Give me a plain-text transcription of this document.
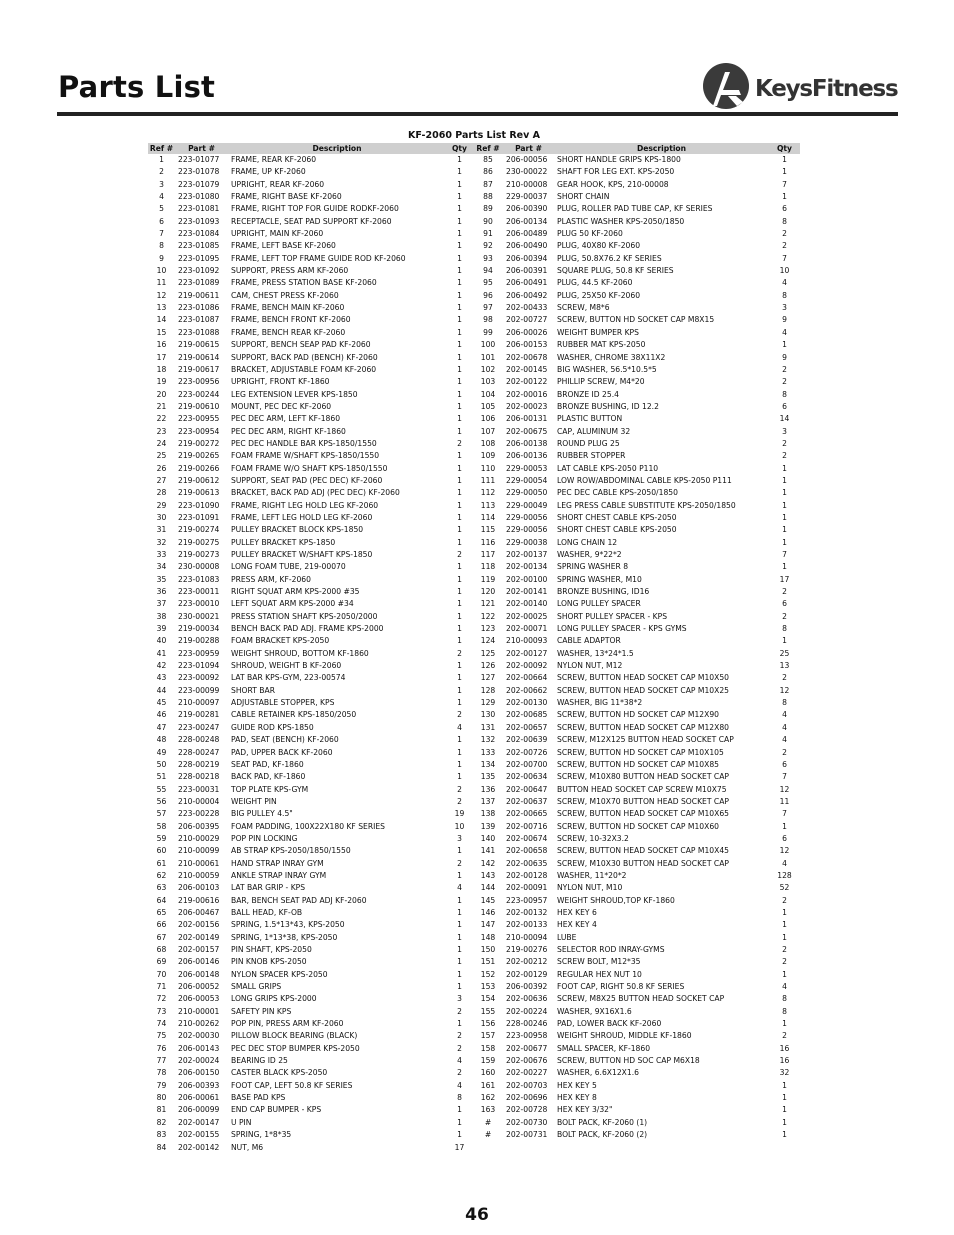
Parts List	KeysFitness
KF-2060 Parts List Rev A
Ref #	Part #	Description	Qty
1	223-01077	FRAME, REAR KF-2060	1
2	223-01078	FRAME, UP KF-2060	1
3	223-01079	UPRIGHT, REAR KF-2060	1
4	223-01080	FRAME, RIGHT BASE KF-2060	1
5	223-01081	FRAME, RIGHT TOP FOR GUIDE RODKF-2060	1
6	223-01093	RECEPTACLE, SEAT PAD SUPPORT KF-2060	1
7	223-01084	UPRIGHT, MAIN KF-2060	1
8	223-01085	FRAME, LEFT BASE KF-2060	1
9	223-01095	FRAME, LEFT TOP FRAME GUIDE ROD KF-2060	1
10	223-01092	SUPPORT, PRESS ARM KF-2060	1
11	223-01089	FRAME, PRESS STATION BASE KF-2060	1
12	219-00611	CAM, CHEST PRESS KF-2060	1
13	223-01086	FRAME, BENCH MAIN KF-2060	1
14	223-01087	FRAME, BENCH FRONT KF-2060	1
15	223-01088	FRAME, BENCH REAR KF-2060	1
16	219-00615	SUPPORT, BENCH SEAP PAD KF-2060	1
17	219-00614	SUPPORT, BACK PAD (BENCH) KF-2060	1
18	219-00617	BRACKET, ADJUSTABLE FOAM KF-2060	1
19	223-00956	UPRIGHT, FRONT KF-1860	1
20	223-00244	LEG EXTENSION LEVER KPS-1850	1
21	219-00610	MOUNT, PEC DEC KF-2060	1
22	223-00955	PEC DEC ARM, LEFT KF-1860	1
23	223-00954	PEC DEC ARM, RIGHT KF-1860	1
24	219-00272	PEC DEC HANDLE BAR KPS-1850/1550	2
25	219-00265	FOAM FRAME W/SHAFT KPS-1850/1550	1
26	219-00266	FOAM FRAME W/O SHAFT KPS-1850/1550	1
27	219-00612	SUPPORT, SEAT PAD (PEC DEC) KF-2060	1
28	219-00613	BRACKET, BACK PAD ADJ (PEC DEC) KF-2060	1
29	223-01090	FRAME, RIGHT LEG HOLD LEG KF-2060	1
30	223-01091	FRAME, LEFT LEG HOLD LEG KF-2060	1
31	219-00274	PULLEY BRACKET BLOCK KPS-1850	1
32	219-00275	PULLEY BRACKET KPS-1850	1
33	219-00273	PULLEY BRACKET W/SHAFT KPS-1850	2
34	230-00008	LONG FOAM TUBE, 219-00070	1
35	223-01083	PRESS ARM, KF-2060	1
36	223-00011	RIGHT SQUAT ARM KPS-2000 #35	1
37	223-00010	LEFT SQUAT ARM KPS-2000 #34	1
38	230-00021	PRESS STATION SHAFT KPS-2050/2000	1
39	219-00034	BENCH BACK PAD ADJ. FRAME KPS-2000	1
40	219-00288	FOAM BRACKET KPS-2050	1
41	223-00959	WEIGHT SHROUD, BOTTOM KF-1860	2
42	223-01094	SHROUD, WEIGHT B KF-2060	1
43	223-00092	LAT BAR KPS-GYM, 223-00574	1
44	223-00099	SHORT BAR	1
45	210-00097	ADJUSTABLE STOPPER, KPS	1
46	219-00281	CABLE RETAINER KPS-1850/2050	2
47	223-00247	GUIDE ROD KPS-1850	4
48	228-00248	PAD, SEAT (BENCH) KF-2060	1
49	228-00247	PAD, UPPER BACK KF-2060	1
50	228-00219	SEAT PAD, KF-1860	1
51	228-00218	BACK PAD, KF-1860	1
55	223-00031	TOP PLATE KPS-GYM	2
56	210-00004	WEIGHT PIN	2
57	223-00228	BIG PULLEY 4.5"	19
58	206-00395	FOAM PADDING, 100X22X180 KF SERIES	10
59	210-00029	POP PIN LOCKING	3
60	210-00099	AB STRAP KPS-2050/1850/1550	1
61	210-00061	HAND STRAP INRAY GYM	2
62	210-00059	ANKLE STRAP INRAY GYM	1
63	206-00103	LAT BAR GRIP - KPS	4
64	219-00616	BAR, BENCH SEAT PAD ADJ KF-2060	1
65	206-00467	BALL HEAD, KF-OB	1
66	202-00156	SPRING, 1.5*13*43, KPS-2050	1
67	202-00149	SPRING, 1*13*38, KPS-2050	1
68	202-00157	PIN SHAFT, KPS-2050	1
69	206-00146	PIN KNOB KPS-2050	1
70	206-00148	NYLON SPACER KPS-2050	1
71	206-00052	SMALL GRIPS	1
72	206-00053	LONG GRIPS KPS-2000	3
73	210-00001	SAFETY PIN KPS	2
74	210-00262	POP PIN, PRESS ARM KF-2060	1
75	202-00030	PILLOW BLOCK BEARING (BLACK)	2
76	206-00143	PEC DEC STOP BUMPER KPS-2050	2
77	202-00024	BEARING ID 25	4
78	206-00150	CASTER BLACK KPS-2050	2
79	206-00393	FOOT CAP, LEFT 50.8 KF SERIES	4
80	206-00061	BASE PAD KPS	8
81	206-00099	END CAP BUMPER - KPS	1
82	202-00147	U PIN	1
83	202-00155	SPRING, 1*8*35	1
84	202-00142	NUT, M6	17
Ref #	Part #	Description	Qty
85	206-00056	SHORT HANDLE GRIPS KPS-1800	1
86	230-00022	SHAFT FOR LEG EXT. KPS-2050	1
87	210-00008	GEAR HOOK, KPS, 210-00008	7
88	229-00037	SHORT CHAIN	1
89	206-00390	PLUG, ROLLER PAD TUBE CAP, KF SERIES	6
90	206-00134	PLASTIC WASHER KPS-2050/1850	8
91	206-00489	PLUG 50 KF-2060	2
92	206-00490	PLUG, 40X80 KF-2060	2
93	206-00394	PLUG, 50.8X76.2 KF SERIES	7
94	206-00391	SQUARE PLUG, 50.8 KF SERIES	10
95	206-00491	PLUG, 44.5 KF-2060	4
96	206-00492	PLUG, 25X50 KF-2060	8
97	202-00433	SCREW, M8*6	3
98	202-00727	SCREW, BUTTON HD SOCKET CAP M8X15	9
99	206-00026	WEIGHT BUMPER KPS	4
100	206-00153	RUBBER MAT KPS-2050	1
101	202-00678	WASHER, CHROME 38X11X2	9
102	202-00145	BIG WASHER, 56.5*10.5*5	2
103	202-00122	PHILLIP SCREW, M4*20	2
104	202-00016	BRONZE ID 25.4	8
105	202-00023	BRONZE BUSHING, ID 12.2	6
106	206-00131	PLASTIC BUTTON	14
107	202-00675	CAP, ALUMINUM 32	3
108	206-00138	ROUND PLUG 25	2
109	206-00136	RUBBER STOPPER	2
110	229-00053	LAT CABLE KPS-2050 P110	1
111	229-00054	LOW ROW/ABDOMINAL CABLE KPS-2050 P111	1
112	229-00050	PEC DEC CABLE KPS-2050/1850	1
113	229-00049	LEG PRESS CABLE SUBSTITUTE KPS-2050/1850	1
114	229-00056	SHORT CHEST CABLE KPS-2050	1
115	229-00056	SHORT CHEST CABLE KPS-2050	1
116	229-00038	LONG CHAIN 12	1
117	202-00137	WASHER, 9*22*2	7
118	202-00134	SPRING WASHER 8	1
119	202-00100	SPRING WASHER, M10	17
120	202-00141	BRONZE BUSHING, ID16	2
121	202-00140	LONG PULLEY SPACER	6
122	202-00025	SHORT PULLEY SPACER - KPS	2
123	202-00071	LONG PULLEY SPACER - KPS GYMS	8
124	210-00093	CABLE ADAPTOR	1
125	202-00127	WASHER, 13*24*1.5	25
126	202-00092	NYLON NUT, M12	13
127	202-00664	SCREW, BUTTON HEAD SOCKET CAP M10X50	2
128	202-00662	SCREW, BUTTON HEAD SOCKET CAP M10X25	12
129	202-00130	WASHER, BIG 11*38*2	8
130	202-00685	SCREW, BUTTON HD SOCKET CAP M12X90	4
131	202-00657	SCREW, BUTTON HEAD SOCKET CAP M12X80	4
132	202-00639	SCREW, M12X125 BUTTON HEAD SOCKET CAP	4
133	202-00726	SCREW, BUTTON HD SOCKET CAP M10X105	2
134	202-00700	SCREW, BUTTON HD SOCKET CAP M10X85	6
135	202-00634	SCREW, M10X80 BUTTON HEAD SOCKET CAP	7
136	202-00647	BUTTON HEAD SOCKET CAP SCREW M10X75	12
137	202-00637	SCREW, M10X70 BUTTON HEAD SOCKET CAP	11
138	202-00665	SCREW, BUTTON HEAD SOCKET CAP M10X65	7
139	202-00716	SCREW, BUTTON HD SOCKET CAP M10X60	1
140	202-00674	SCREW, 10-32X3.2	6
141	202-00658	SCREW, BUTTON HEAD SOCKET CAP M10X45	12
142	202-00635	SCREW, M10X30 BUTTON HEAD SOCKET CAP	4
143	202-00128	WASHER, 11*20*2	128
144	202-00091	NYLON NUT, M10	52
145	223-00957	WEIGHT SHROUD,TOP KF-1860	2
146	202-00132	HEX KEY 6	1
147	202-00133	HEX KEY 4	1
148	210-00094	LUBE	1
150	219-00276	SELECTOR ROD INRAY-GYMS	2
151	202-00212	SCREW BOLT, M12*35	2
152	202-00129	REGULAR HEX NUT 10	1
153	206-00392	FOOT CAP, RIGHT 50.8 KF SERIES	4
154	202-00636	SCREW, M8X25 BUTTON HEAD SOCKET CAP	8
155	202-00224	WASHER, 9X16X1.6	8
156	228-00246	PAD, LOWER BACK KF-2060	1
157	223-00958	WEIGHT SHROUD, MIDDLE KF-1860	2
158	202-00677	SMALL SPACER, KF-1860	16
159	202-00676	SCREW, BUTTON HD SOC CAP M6X18	16
160	202-00227	WASHER, 6.6X12X1.6	32
161	202-00703	HEX KEY 5	1
162	202-00696	HEX KEY 8	1
163	202-00728	HEX KEY 3/32"	1
#	202-00730	BOLT PACK, KF-2060 (1)	1
#	202-00731	BOLT PACK, KF-2060 (2)	1
46
